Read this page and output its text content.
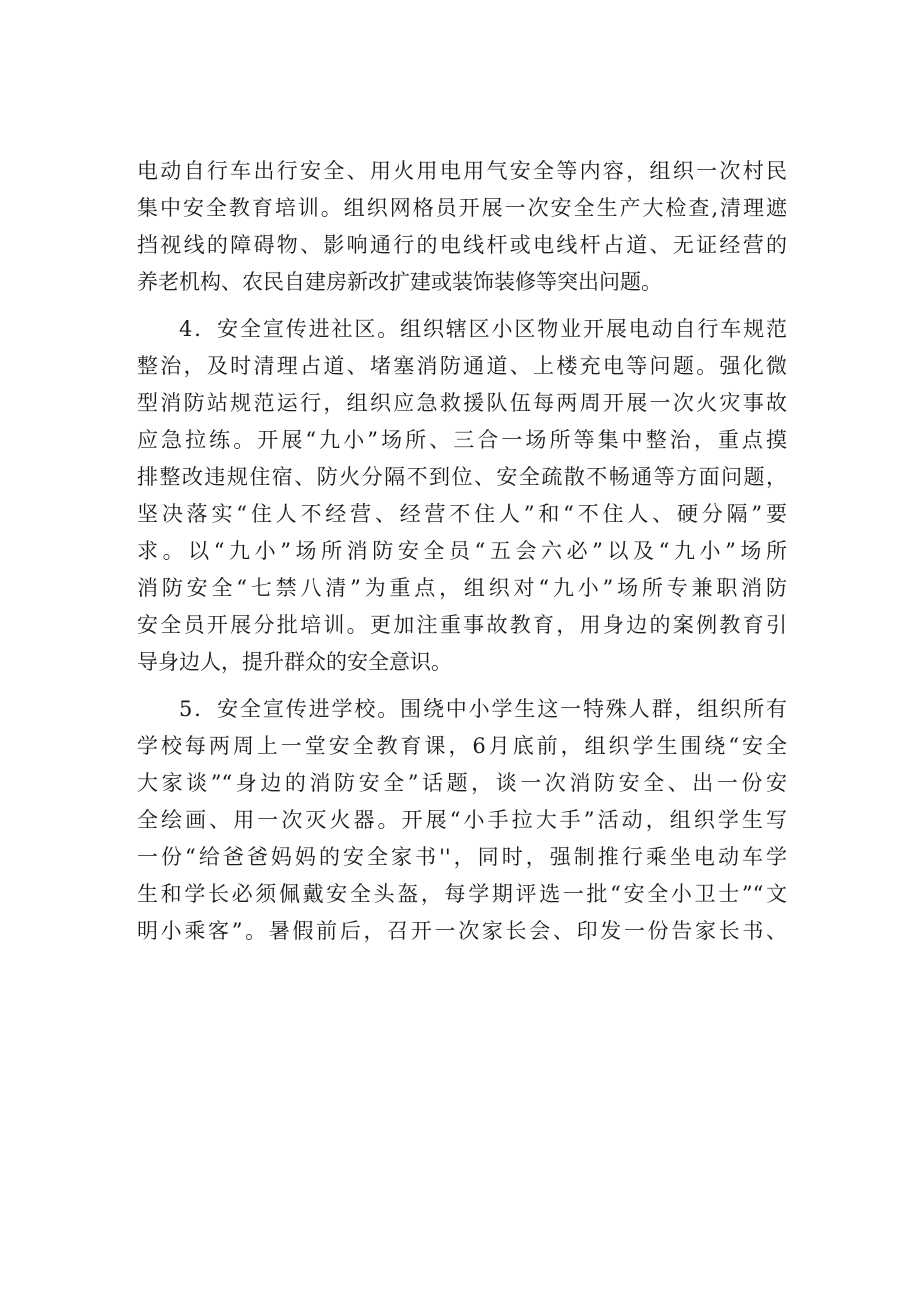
电动自行车出行安全、用火用电用气安全等内容，组织一次村民
集中安全教育培训。组织网格员开展一次安全生产大检查,清理遮
挡视线的障碍物、影响通行的电线杆或电线杆占道、无证经营的
养老机构、农民自建房新改扩建或装饰装修等突出问题。
4．安全宣传进社区。组织辖区小区物业开展电动自行车规范
整治，及时清理占道、堵塞消防通道、上楼充电等问题。强化微
型消防站规范运行，组织应急救援队伍每两周开展一次火灾事故
应急拉练。开展“九小”场所、三合一场所等集中整治，重点摸
排整改违规住宿、防火分隔不到位、安全疏散不畅通等方面问题，
坚决落实“住人不经营、经营不住人”和“不住人、硬分隔”要
求。以“九小”场所消防安全员“五会六必”以及“九小”场所
消防安全“七禁八清”为重点，组织对“九小”场所专兼职消防
安全员开展分批培训。更加注重事故教育，用身边的案例教育引
导身边人，提升群众的安全意识。
5．安全宣传进学校。围绕中小学生这一特殊人群，组织所有
学校每两周上一堂安全教育课，6月底前，组织学生围绕“安全
大家谈”“身边的消防安全”话题，谈一次消防安全、出一份安
全绘画、用一次灭火器。开展“小手拉大手”活动，组织学生写
一份“给爸爸妈妈的安全家书''，同时，强制推行乘坐电动车学
生和学长必须佩戴安全头盔，每学期评选一批“安全小卫士”“文
明小乘客”。暑假前后，召开一次家长会、印发一份告家长书、
